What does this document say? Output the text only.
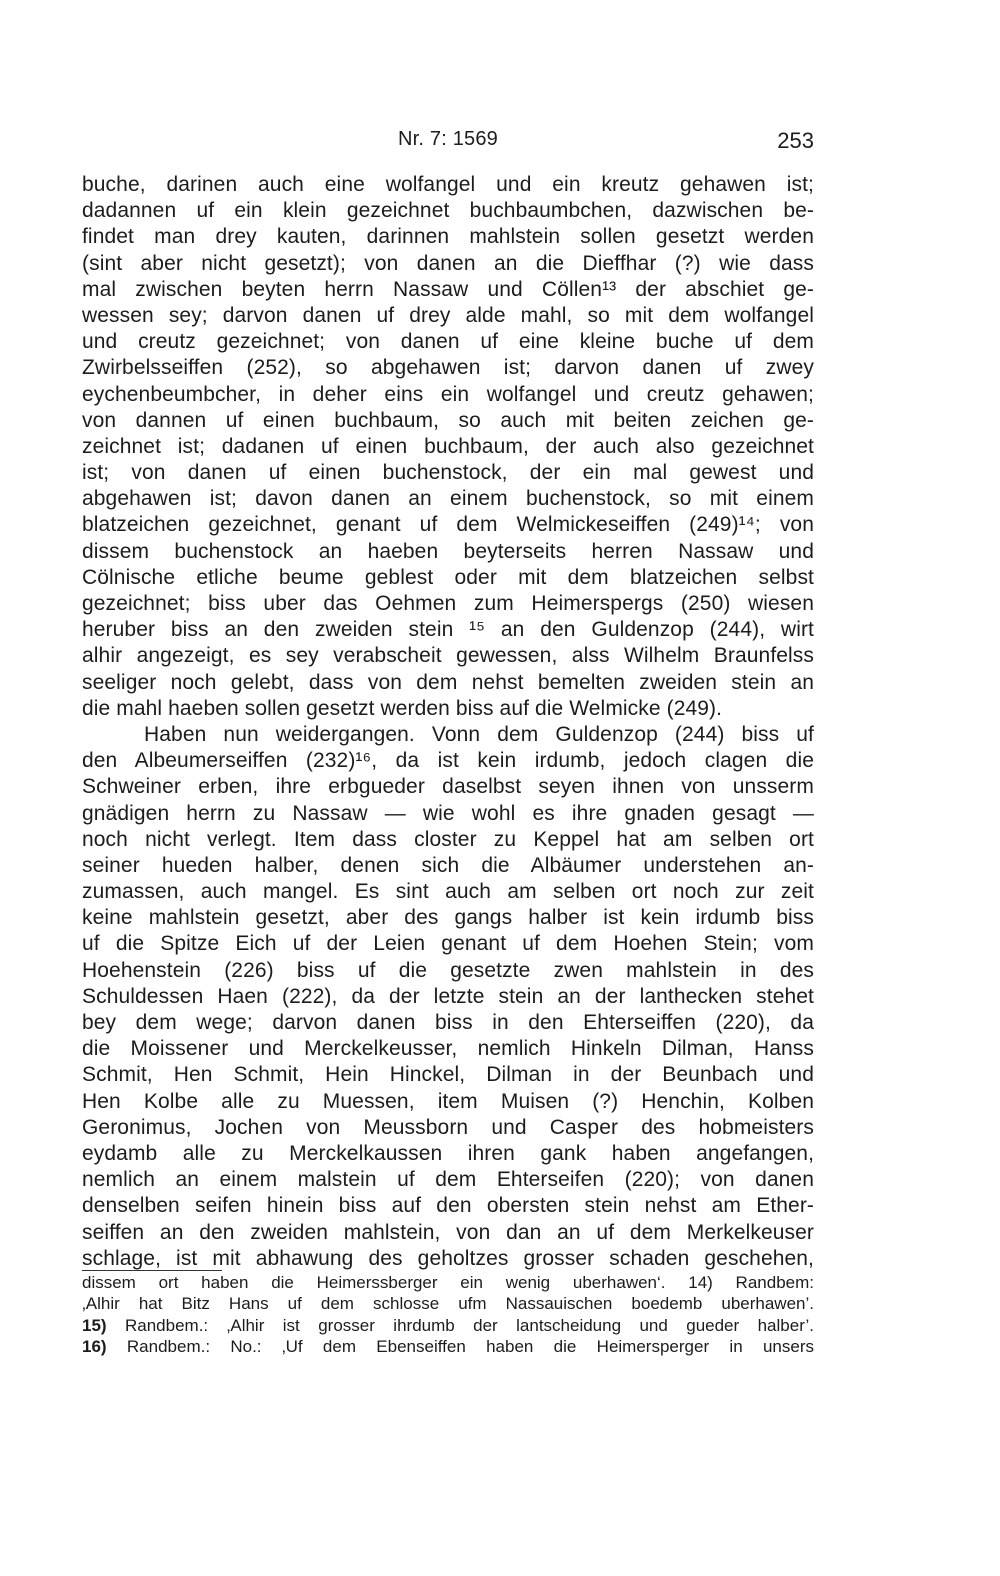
Nr. 7: 1569	253
buche, darinen auch eine wolfangel und ein kreutz gehawen ist;
dadannen uf ein klein gezeichnet buchbaumbchen, dazwischen be-
findet man drey kauten, darinnen mahlstein sollen gesetzt werden
(sint aber nicht gesetzt); von danen an die Dieffhar (?) wie dass
mal zwischen beyten herrn Nassaw und Cöllen¹³ der abschiet ge-
wessen sey; darvon danen uf drey alde mahl, so mit dem wolfangel
und creutz gezeichnet; von danen uf eine kleine buche uf dem
Zwirbelsseiffen (252), so abgehawen ist; darvon danen uf zwey
eychenbeumbcher, in deher eins ein wolfangel und creutz gehawen;
von dannen uf einen buchbaum, so auch mit beiten zeichen ge-
zeichnet ist; dadanen uf einen buchbaum, der auch also gezeichnet
ist; von danen uf einen buchenstock, der ein mal gewest und
abgehawen ist; davon danen an einem buchenstock, so mit einem
blatzeichen gezeichnet, genant uf dem Welmickeseiffen (249)¹⁴; von
dissem buchenstock an haeben beyterseits herren Nassaw und
Cölnische etliche beume geblest oder mit dem blatzeichen selbst
gezeichnet; biss uber das Oehmen zum Heimerspergs (250) wiesen
heruber biss an den zweiden stein ¹⁵ an den Guldenzop (244), wirt
alhir angezeigt, es sey verabscheit gewessen, alss Wilhelm Braunfelss
seeliger noch gelebt, dass von dem nehst bemelten zweiden stein an
die mahl haeben sollen gesetzt werden biss auf die Welmicke (249).
Haben nun weidergangen. Vonn dem Guldenzop (244) biss uf
den Albeumerseiffen (232)¹⁶, da ist kein irdumb, jedoch clagen die
Schweiner erben, ihre erbgueder daselbst seyen ihnen von unsserm
gnädigen herrn zu Nassaw — wie wohl es ihre gnaden gesagt —
noch nicht verlegt. Item dass closter zu Keppel hat am selben ort
seiner hueden halber, denen sich die Albäumer understehen an-
zumassen, auch mangel. Es sint auch am selben ort noch zur zeit
keine mahlstein gesetzt, aber des gangs halber ist kein irdumb biss
uf die Spitze Eich uf der Leien genant uf dem Hoehen Stein; vom
Hoehenstein (226) biss uf die gesetzte zwen mahlstein in des
Schuldessen Haen (222), da der letzte stein an der lanthecken stehet
bey dem wege; darvon danen biss in den Ehterseiffen (220), da
die Moissener und Merckelkeusser, nemlich Hinkeln Dilman, Hanss
Schmit, Hen Schmit, Hein Hinckel, Dilman in der Beunbach und
Hen Kolbe alle zu Muessen, item Muisen (?) Henchin, Kolben
Geronimus, Jochen von Meussborn und Casper des hobmeisters
eydamb alle zu Merckelkaussen ihren gank haben angefangen,
nemlich an einem malstein uf dem Ehterseifen (220); von danen
denselben seifen hinein biss auf den obersten stein nehst am Ether-
seiffen an den zweiden mahlstein, von dan an uf dem Merkelkeuser
schlage, ist mit abhawung des geholtzes grosser schaden geschehen,
dissem ort haben die Heimerssberger ein wenig uberhawen‘. 14) Randbem:
‚Alhir hat Bitz Hans uf dem schlosse ufm Nassauischen boedemb uberhawen’.
15) Randbem.: ‚Alhir ist grosser ihrdumb der lantscheidung und gueder halber’.
16) Randbem.: No.: ‚Uf dem Ebenseiffen haben die Heimersperger in unsers
